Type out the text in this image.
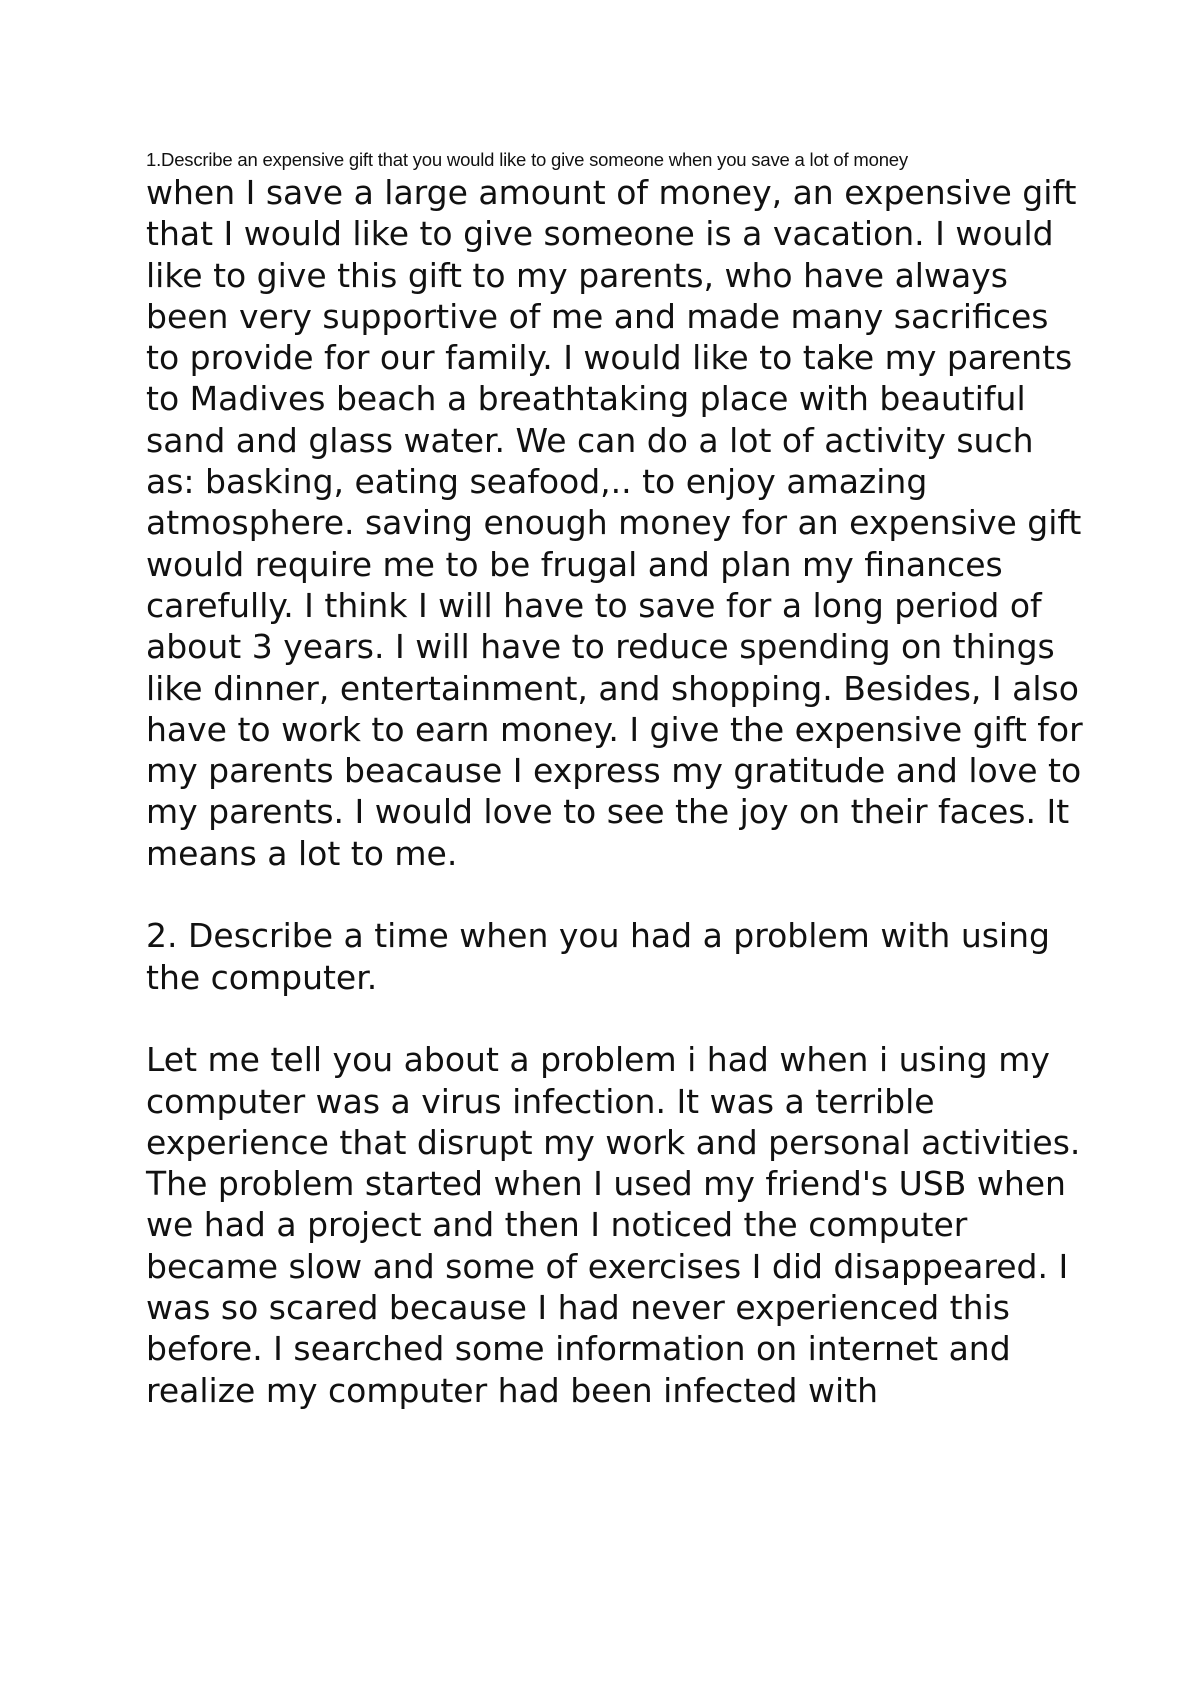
1.Describe an expensive gift that you would like to give someone when you save a lot of money

when I save a large amount of money, an expensive gift that I would like to give someone is a vacation. I would like to give this gift to my parents, who have always been very supportive of me and made many sacrifices to provide for our family. I would like to take my parents to Madives beach a breathtaking place with beautiful sand and glass water. We can do a lot of activity such as: basking, eating seafood,.. to enjoy amazing atmosphere. saving enough money for an expensive gift would require me to be frugal and plan my finances carefully. I think I will have to save for a long period of about 3 years. I will have to reduce spending on things like dinner, entertainment, and shopping. Besides, I also have to work to earn money. I give the expensive gift for my parents beacause I express my gratitude and love to my parents. I would love to see the joy on their faces. It means a lot to me.

2. Describe a time when you had a problem with using the computer.

Let me tell you about a problem i had when i using my computer was a virus infection. It was a terrible experience that disrupt my work and personal activities. The problem started when I used my friend's USB when we had a project and then I noticed the computer became slow and some of exercises I did disappeared. I was so scared because I had never experienced this before. I searched some information on internet and realize my computer had been infected with
